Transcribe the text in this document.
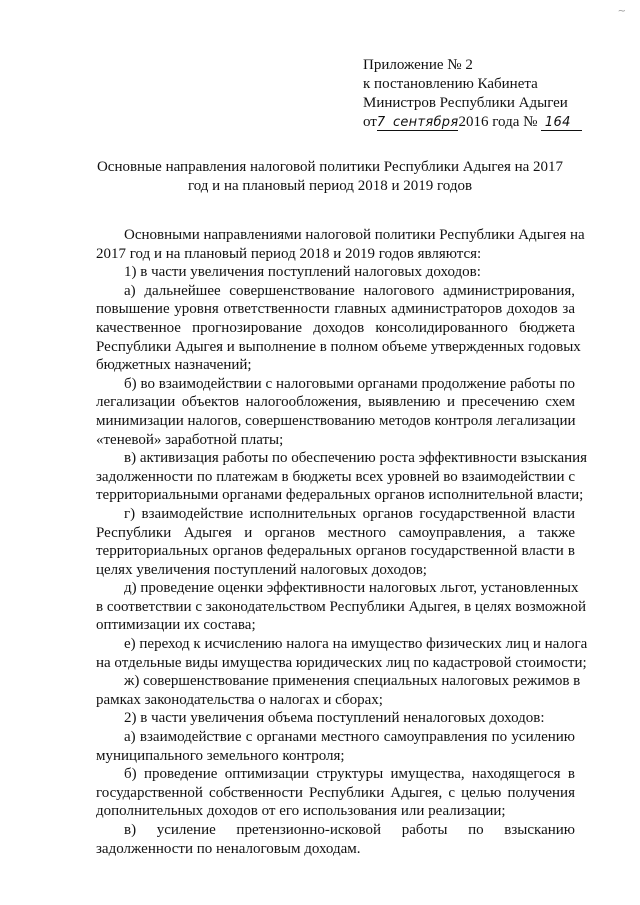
~
Приложение № 2
к постановлению Кабинета
Министров Республики Адыгеи
от7 сентября2016 года № 164
Основные направления налоговой политики Республики Адыгея на 2017
год и на плановый период 2018 и 2019 годов
Основными направлениями налоговой политики Республики Адыгея на
2017 год и на плановый период 2018 и 2019 годов являются:
1) в части увеличения поступлений налоговых доходов:
а) дальнейшее совершенствование налогового администрирования,
повышение уровня ответственности главных администраторов доходов за
качественное прогнозирование доходов консолидированного бюджета
Республики Адыгея и выполнение в полном объеме утвержденных годовых
бюджетных назначений;
б) во взаимодействии с налоговыми органами продолжение работы по
легализации объектов налогообложения, выявлению и пресечению схем
минимизации налогов, совершенствованию методов контроля легализации
«теневой» заработной платы;
в) активизация работы по обеспечению роста эффективности взыскания
задолженности по платежам в бюджеты всех уровней во взаимодействии с
территориальными органами федеральных органов исполнительной власти;
г) взаимодействие исполнительных органов государственной власти
Республики Адыгея и органов местного самоуправления, а также
территориальных органов федеральных органов государственной власти в
целях увеличения поступлений налоговых доходов;
д) проведение оценки эффективности налоговых льгот, установленных
в соответствии с законодательством Республики Адыгея, в целях возможной
оптимизации их состава;
е) переход к исчислению налога на имущество физических лиц и налога
на отдельные виды имущества юридических лиц по кадастровой стоимости;
ж) совершенствование применения специальных налоговых режимов в
рамках законодательства о налогах и сборах;
2) в части увеличения объема поступлений неналоговых доходов:
а) взаимодействие с органами местного самоуправления по усилению
муниципального земельного контроля;
б) проведение оптимизации структуры имущества, находящегося в
государственной собственности Республики Адыгея, с целью получения
дополнительных доходов от его использования или реализации;
в) усиление претензионно-исковой работы по взысканию
задолженности по неналоговым доходам.
